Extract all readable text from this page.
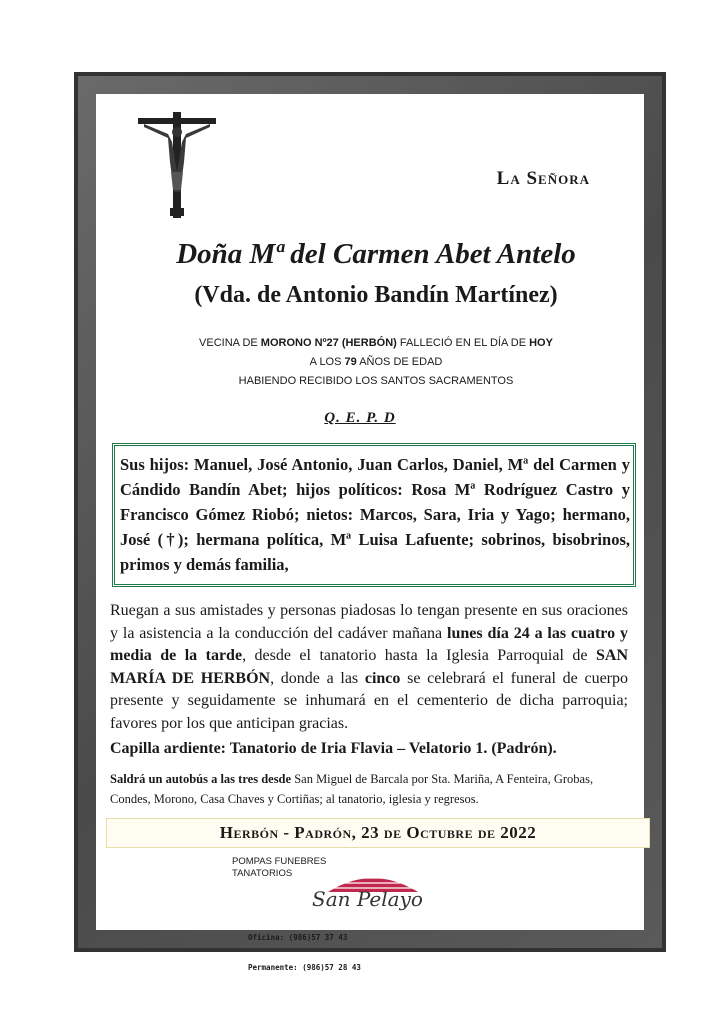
La Señora
Doña Mª del Carmen Abet Antelo
(Vda. de Antonio Bandín Martínez)
VECINA DE MORONO Nº27 (HERBÓN) FALLECIÓ EN EL DÍA DE HOY
A LOS 79 AÑOS DE EDAD
HABIENDO RECIBIDO LOS SANTOS SACRAMENTOS
Q. E. P. D
Sus hijos: Manuel, José Antonio, Juan Carlos, Daniel, Mª del Carmen y Cándido Bandín Abet; hijos políticos: Rosa Mª Rodríguez Castro y Francisco Gómez Riobó; nietos: Marcos, Sara, Iria y Yago; hermano, José (†); hermana política, Mª Luisa Lafuente; sobrinos, bisobrinos, primos y demás familia,
Ruegan a sus amistades y personas piadosas lo tengan presente en sus oraciones y la asistencia a la conducción del cadáver mañana lunes día 24 a las cuatro y media de la tarde, desde el tanatorio hasta la Iglesia Parroquial de SAN MARÍA DE HERBÓN, donde a las cinco se celebrará el funeral de cuerpo presente y seguidamente se inhumará en el cementerio de dicha parroquia; favores por los que anticipan gracias.
Capilla ardiente: Tanatorio de Iria Flavia – Velatorio 1. (Padrón).
Saldrá un autobús a las tres desde San Miguel de Barcala por Sta. Mariña, A Fenteira, Grobas, Condes, Morono, Casa Chaves y Cortiñas; al tanatorio, iglesia y regresos.
Herbón - Padrón, 23 de Octubre de 2022
POMPAS FUNEBRES
TANATORIOS
San Pelayo

Oficina: (986)57 37 43

Permanente: (986)57 28 43
